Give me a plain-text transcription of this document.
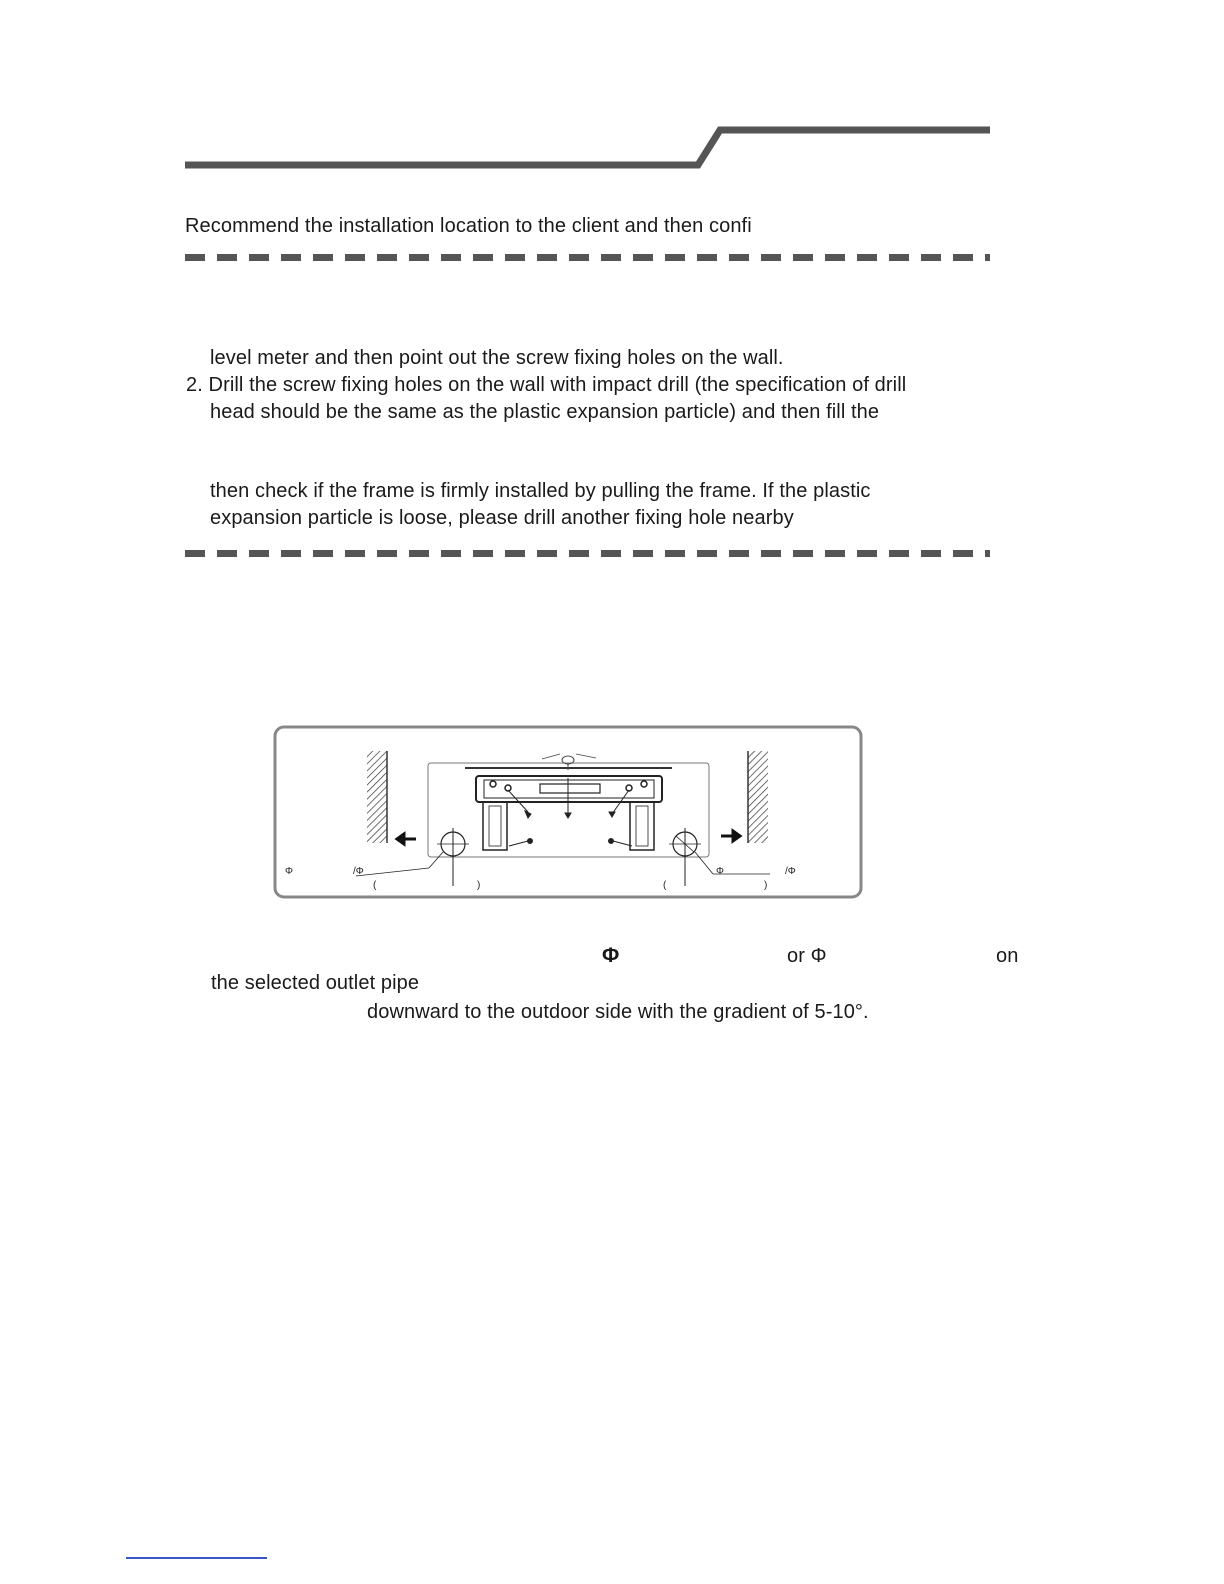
Recommend the installation location to the client and then confi
level meter and then point out the screw fixing holes on the wall.
2. Drill the screw fixing holes on the wall with impact drill (the specification of drill
head should be the same as the plastic expansion particle) and then fill the
then check if the frame is firmly installed by pulling the frame. If the plastic
expansion particle is loose, please drill another fixing hole nearby
Φ	/Φ
(	)
Φ	/Φ
(	)
Φ	or Φ	on
the selected outlet pipe
downward to the outdoor side with the gradient of 5-10°.
